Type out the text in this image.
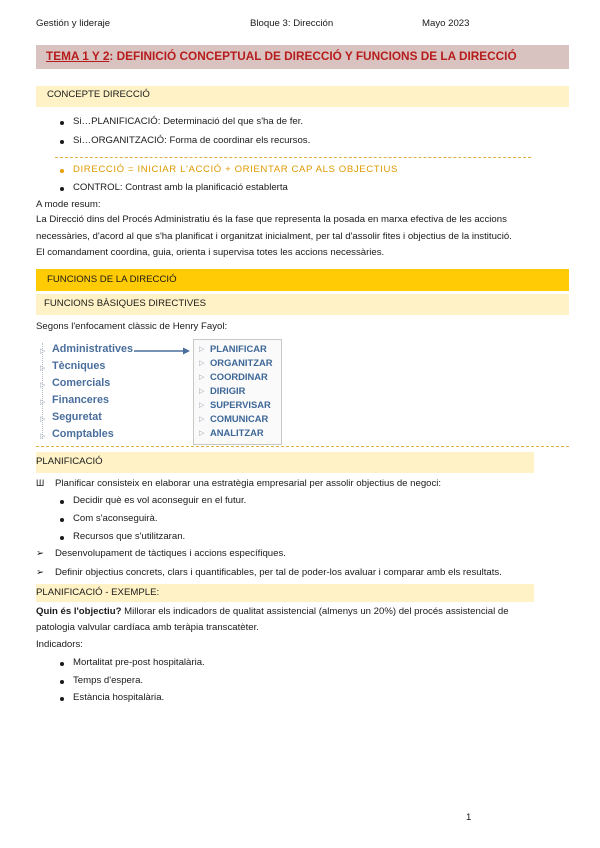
Gestión y lideraje	Bloque 3: Dirección	Mayo 2023
TEMA 1 Y 2: DEFINICIÓ CONCEPTUAL DE DIRECCIÓ Y FUNCIONS DE LA DIRECCIÓ
CONCEPTE DIRECCIÓ
Si…PLANIFICACIÓ: Determinació del que s'ha de fer.
Si…ORGANITZACIÓ: Forma de coordinar els recursos.
DIRECCIÓ = INICIAR L'ACCIÓ + ORIENTAR CAP ALS OBJECTIUS
CONTROL: Contrast amb la planificació establerta
A mode resum:
La Direcció dins del Procés Administratiu és la fase que representa la posada en marxa efectiva de les accions
necessàries, d'acord al que s'ha planificat i organitzat inicialment, per tal d'assolir fites i objectius de la institució.
El comandament coordina, guia, orienta i supervisa totes les accions necessàries.
FUNCIONS DE LA DIRECCIÓ
FUNCIONS BÀSIQUES DIRECTIVES
Segons l'enfocament clàssic de Henry Fayol:
▷ Administratives
▷ Tècniques
▷ Comercials
▷ Financeres
▷ Seguretat
▷ Comptables
▷ PLANIFICAR
▷ ORGANITZAR
▷ COORDINAR
▷ DIRIGIR
▷ SUPERVISAR
▷ COMUNICAR
▷ ANALITZAR
PLANIFICACIÓ
Ш Planificar consisteix en elaborar una estratègia empresarial per assolir objectius de negoci:
Decidir què es vol aconseguir en el futur.
Com s'aconseguirà.
Recursos que s'utilitzaran.
➢ Desenvolupament de tàctiques i accions específiques.
➢ Definir objectius concrets, clars i quantificables, per tal de poder-los avaluar i comparar amb els resultats.
PLANIFICACIÓ - EXEMPLE:
Quin és l'objectiu? Millorar els indicadors de qualitat assistencial (almenys un 20%) del procés assistencial de
patologia valvular cardíaca amb teràpia transcatèter.
Indicadors:
Mortalitat pre-post hospitalària.
Temps d'espera.
Estància hospitalària.
1
